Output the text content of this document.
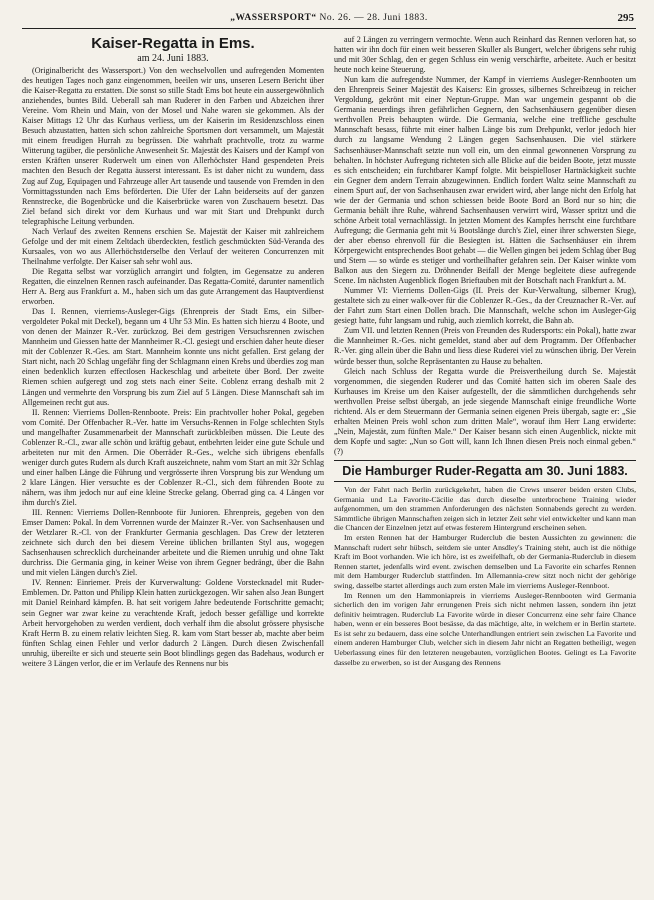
„WASSERSPORT“ No. 26. — 28. Juni 1883.	295
Kaiser-Regatta in Ems.
am 24. Juni 1883.

(Originalbericht des Wassersport.) Von den wechselvollen und aufregenden Momenten des heutigen Tages noch ganz eingenommen, beeilen wir uns, unseren Lesern Bericht über die Kaiser-Regatta zu erstatten. Die sonst so stille Stadt Ems bot heute ein aussergewöhnlich anziehendes, buntes Bild. Ueberall sah man Ruderer in den Farben und Abzeichen ihrer Vereine. Vom Rhein und Main, von der Mosel und Nahe waren sie gekommen. Als der Kaiser Mittags 12 Uhr das Kurhaus verliess, um der Kaiserin im Residenzschloss einen Besuch abzustatten, hatten sich schon zahlreiche Sportsmen dort versammelt, um Majestät mit einem freudigen Hurrah zu begrüssen. Die wahrhaft prachtvolle, trotz zu warme Witterung tagüber, die persönliche Anwesenheit Sr. Majestät des Kaisers und der Kampf von ersten Kräften unserer Ruderwelt um einen von Allerhöchster Hand gespendeten Preis machten den Besuch der Regatta äusserst interessant. Es ist daher nicht zu wundern, dass Zug auf Zug, Equipagen und Fahrzeuge aller Art tausende und tausende von Fremden in den Vormittagsstunden nach Ems beförderten. Die Ufer der Lahn beiderseits auf der ganzen Rennstrecke, die Bogenbrücke und die Kaiserbrücke waren von Zuschauern besetzt. Das Ziel befand sich direkt vor dem Kurhaus und war mit Start und Drehpunkt durch telegraphische Leitung verbunden.

Nach Verlauf des zweiten Rennens erschien Se. Majestät der Kaiser mit zahlreichem Gefolge und der mit einem Zeltdach überdeckten, festlich geschmückten Süd-Veranda des Kursaales, von wo aus Allerhöchstderselbe den Verlauf der weiteren Concurrenzen mit Theilnahme verfolgte. Der Kaiser sah sehr wohl aus.

Die Regatta selbst war vorzüglich arrangirt und folgten, im Gegensatze zu anderen Regatten, die einzelnen Rennen rasch aufeinander. Das Regatta-Comité, darunter namentlich Herr A. Berg aus Frankfurt a. M., haben sich um das gute Arrangement das Hauptverdienst erworben.

Das I. Rennen, vierriems-Ausleger-Gigs (Ehrenpreis der Stadt Ems, ein Silber-vergoldeter Pokal mit Deckel), begann um 4 Uhr 53 Min. Es hatten sich hierzu 4 Boote, und von denen der Mainzer R.-Ver. zurückzog. Bei dem gestrigen Versuchsrennen zwischen Mannheim und Giessen hatte der Mannheimer R.-Cl. gesiegt und erschien daher heute dieser mit der Coblenzer R.-Ges. am Start. Mannheim konnte uns nicht gefallen. Erst gelang der Start nicht, nach 20 Schlag ungefähr fing der Schlagmann einen Krebs und überdies zog man einen bedenklich kurzen effectlosen Hackeschlag und arbeitete über Bord. Der zweite Riemen schien aufgeregt und zog stets nach einer Seite. Coblenz errang deshalb mit 2 Längen und vermehrte den Vorsprung bis zum Ziel auf 5 Längen. Diese Mannschaft sah im Allgemeinen recht gut aus.

II. Rennen: Vierriems Dollen-Rennboote. Preis: Ein prachtvoller hoher Pokal, gegeben vom Comité. Der Offenbacher R.-Ver. hatte im Versuchs-Rennen in Folge schlechten Styls und mangelhafter Zusammenarbeit der Mannschaft zurückbleiben müssen. Die Leute des Coblenzer R.-Cl., zwar alle schön und kräftig gebaut, entbehrten leider eine gute Schule und arbeiteten nur mit den Armen. Die Oberräder R.-Ges., welche sich übrigens ebenfalls weniger durch gutes Rudern als durch Kraft auszeichnete, nahm vom Start an mit 32r Schlag und einer halben Länge die Führung und vergrösserte ihren Vorsprung bis zur Wendung um 2 klare Längen. Hier versuchte es der Coblenzer R.-Cl., sich dem führenden Boote zu nähern, was ihm jedoch nur auf eine kleine Strecke gelang. Oberrad ging ca. 4 Längen vor ihm durch's Ziel.

III. Rennen: Vierriems Dollen-Rennboote für Junioren. Ehrenpreis, gegeben von den Emser Damen: Pokal. In dem Vorrennen wurde der Mainzer R.-Ver. von Sachsenhausen und der Wetzlarer R.-Cl. von der Frankfurter Germania geschlagen. Das Crew der letzteren zeichnete sich durch den bei diesem Vereine üblichen brillanten Styl aus, wogegen Sachsenhausen schrecklich durcheinander arbeitete und die Riemen unruhig und ohne Takt durchriss. Die Germania ging, in keiner Weise von ihrem Gegner bedrängt, über die Bahn und mit vielen Längen durch's Ziel.

IV. Rennen: Einriemer. Preis der Kurverwaltung: Goldene Vorstecknadel mit Ruder-Emblemen. Dr. Patton und Philipp Klein hatten zurückgezogen. Wir sahen also Jean Bungert mit Daniel Reinhard kämpfen. B. hat seit vorigem Jahre bedeutende Fortschritte gemacht; sein Gegner war zwar keine zu verachtende Kraft, jedoch besser gefällige und korrekte Arbeit hervorgehoben zu werden verdient, doch verhalf ihm die absolut grössere physische Kraft Herrn B. zu einem relativ leichten Sieg. R. kam vom Start besser ab, machte aber beim fünften Schlag einen Fehler und verlor dadurch 2 Längen. Durch diesen Zwischenfall unruhig, übereilte er sich und steuerte sein Boot blindlings gegen das Badehaus, wodurch er weitere 3 Längen verlor, die er im Verlaufe des Rennens nur bis

auf 2 Längen zu verringern vermochte. Wenn auch Reinhard das Rennen verloren hat, so hatten wir ihn doch für einen weit besseren Skuller als Bungert, welcher übrigens sehr ruhig und mit 30er Schlag, den er gegen Schluss ein wenig verschärfte, arbeitete. Auch er besitzt heute noch keine Steuerung.

Nun kam die aufregendste Nummer, der Kampf in vierriems Ausleger-Rennbooten um den Ehrenpreis Seiner Majestät des Kaisers: Ein grosses, silbernes Schreibzeug in reicher Vergoldung, gekrönt mit einer Neptun-Gruppe. Man war ungemein gespannt ob die Germania neuerdings ihren gefährlichen Gegnern, den Sachsenhäusern gegenüber diesen werthvollen Preis behaupten würde. Die Germania, welche eine treffliche geschulte Mannschaft besass, führte mit einer halben Länge bis zum Drehpunkt, verlor jedoch hier durch zu langsame Wendung 2 Längen gegen Sachsenhausen. Die viel stärkere Sachsenhäuser-Mannschaft setzte nun voll ein, um den einmal gewonnenen Vorsprung zu behalten. In höchster Aufregung richteten sich alle Blicke auf die beiden Boote, jetzt musste es sich entscheiden; ein furchtbarer Kampf folgte. Mit beispielloser Hartnäckigkeit suchte ein Gegner dem andern Terrain abzugewinnen. Endlich fordert Waltz seine Mannschaft zu einem Spurt auf, der von Sachsenhausen zwar erwidert wird, aber lange nicht den Erfolg hat wie der der Germania und schon schiessen beide Boote Bord an Bord nur so hin; die Germania behält ihre Ruhe, während Sachsenhausen verwirrt wird, Wasser spritzt und die schöne Arbeit total vernachlässigt. In jetzten Moment des Kampfes herrscht eine furchtbare Aufregung; die Germania geht mit ¼ Bootslänge durch's Ziel, einer ihrer schwersten Siege, der aber ebenso ehrenvoll für die Besiegten ist. Hätten die Sachsenhäuser ein ihrem Körpergewicht entsprechendes Boot gehabt — die Wellen gingen bei jedem Schlag über Bug und Stern — so würde es stetiger und vortheilhafter gefahren sein. Der Kaiser winkte vom Balkon aus den Siegern zu. Dröhnender Beifall der Menge begleitete diese aufregende Scene. Im nächsten Augenblick flogen Brieftauben mit der Botschaft nach Frankfurt a. M.

Nummer VI: Vierriems Dollen-Gigs (II. Preis der Kur-Verwaltung, silberner Krug), gestaltete sich zu einer walk-over für die Coblenzer R.-Ges., da der Creuznacher R.-Ver. auf der Fahrt zum Start einen Dollen brach. Die Mannschaft, welche schon im Ausleger-Gig gesiegt hatte, fuhr langsam und ruhig, auch ziemlich korrekt, die Bahn ab.

Zum VII. und letzten Rennen (Preis von Freunden des Rudersports: ein Pokal), hatte zwar die Mannheimer R.-Ges. nicht gemeldet, stand aber auf dem Programm. Der Offenbacher R.-Ver. ging allein über die Bahn und liess diese Ruderei viel zu wünschen übrig. Der Verein würde besser thun, solche Repräsentanten zu Hause zu behalten.

Gleich nach Schluss der Regatta wurde die Preisvertheilung durch Se. Majestät vorgenommen, die siegenden Ruderer und das Comité hatten sich im oberen Saale des Kurhauses im Kreise um den Kaiser aufgestellt, der die sämmtlichen durchgehends sehr werthvollen Preise selbst übergab, an jede siegende Mannschaft einige freundliche Worte richtend. Als er dem Steuermann der Germania seinen eigenen Preis übergab, sagte er: „Sie erhalten Meinen Preis wohl schon zum dritten Male“, worauf ihm Herr Lang erwiderte: „Nein, Majestät, zum fünften Male.“ Der Kaiser besann sich einen Augenblick, nickte mit dem Kopfe und sagte: „Nun so Gott will, kann Ich Ihnen diesen Preis noch einmal geben.“ (?)

Die Hamburger Ruder-Regatta am 30. Juni 1883.

Von der Fahrt nach Berlin zurückgekehrt, haben die Crews unserer beiden ersten Clubs, Germania und La Favorite-Cäcilie das durch dieselbe unterbrochene Training wieder aufgenommen, um den strammen Anforderungen des nächsten Sonnabends gerecht zu werden. Sämmtliche übrigen Mannschaften zeigen sich in letzter Zeit sehr viel entwickelter und kann man die Chancen der Einzelnen jetzt auf etwas festerem Hintergrund erscheinen sehen.

Im ersten Rennen hat der Hamburger Ruderclub die besten Aussichten zu gewinnen: die Mannschaft rudert sehr hübsch, seitdem sie unter Ansdley's Training steht, auch ist die nöthige Kraft im Boot vorhanden. Wie ich höre, ist es zweifelhaft, ob der Germania-Ruderclub in diesem Rennen startet, jedenfalls wird event. zwischen demselben und La Favorite ein scharfes Rennen mit dem Hamburger Ruderclub stattfinden. Im Allemannia-crew sitzt noch nicht der gehörige swing, dasselbe startet allerdings auch zum ersten Male im vierriems Ausleger-Rennboot.

Im Rennen um den Hammoniapreis in vierriems Ausleger-Rennbooten wird Germania sicherlich den im vorigen Jahr errungenen Preis sich nicht nehmen lassen, sondern ihn jetzt definitiv heimtragen. Ruderclub La Favorite würde in dieser Concurrenz eine sehr faire Chance haben, wenn er ein besseres Boot besässe, da das mächtige, alte, in welchem er in Berlin startete. Es ist sehr zu bedauern, dass eine solche Unterhandlungen entriert sein zwischen La Favorite und einem anderen Hamburger Club, welcher sich in diesem Jahr nicht an Regatten betheiligt, wegen Ueberlassung eines für den letzteren neugebauten, vorzüglichen Bootes. Gelingt es La Favorite dasselbe zu erwerben, so ist der Ausgang des Rennens
